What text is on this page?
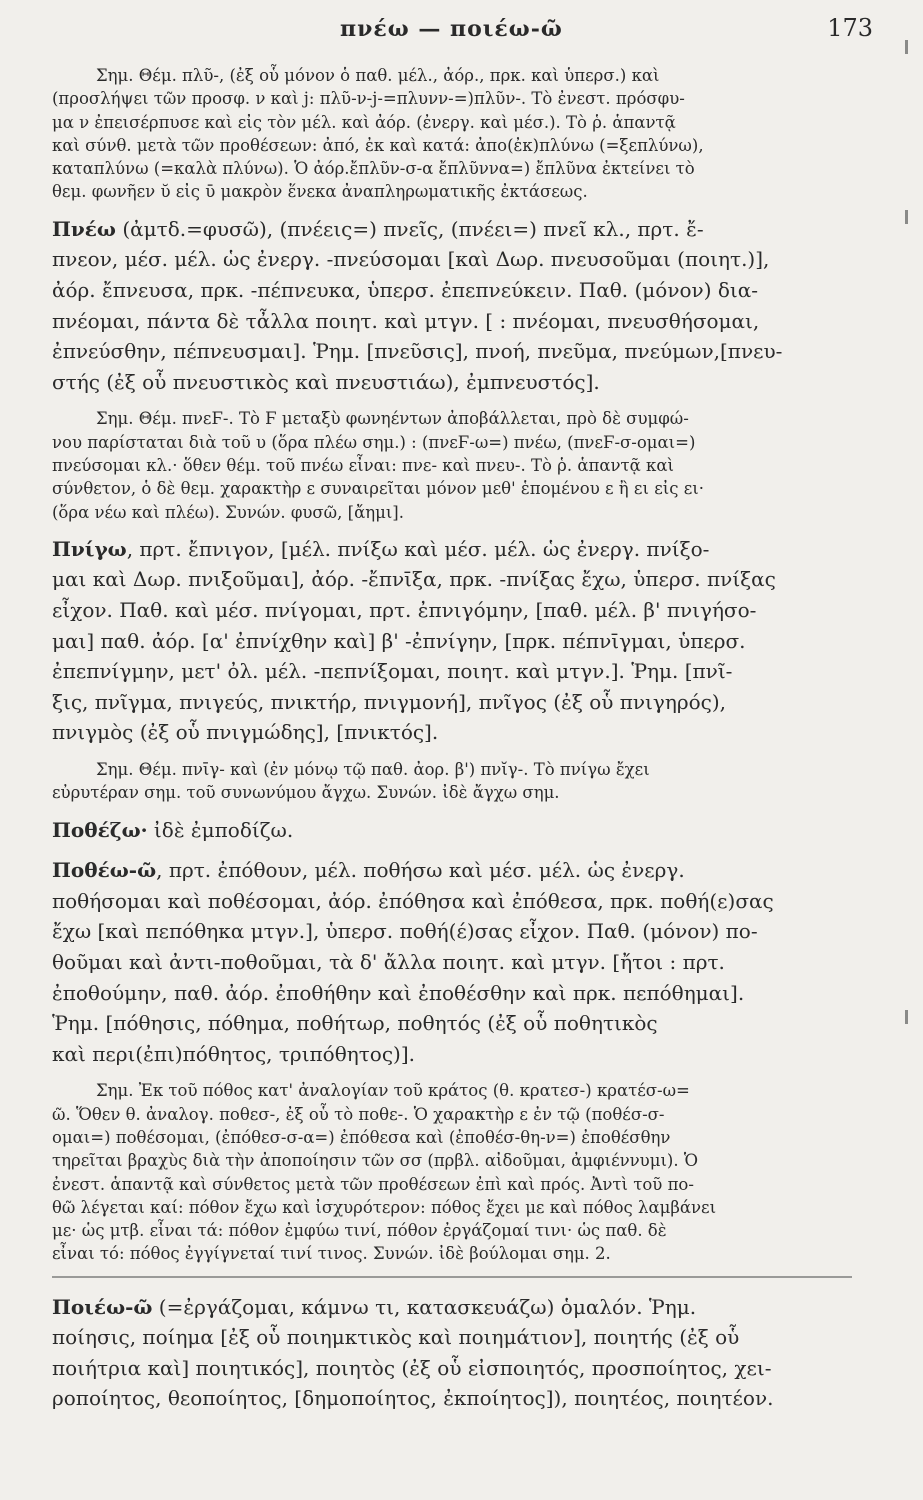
πνέω — ποιέω-ῶ	173
Σημ. Θέμ. πλῦ-, (ἐξ οὗ μόνον ὁ παθ. μέλ., ἀόρ., πρκ. καὶ ὑπερσ.) καὶ
(προσλήψει τῶν προσφ. ν καὶ j: πλῦ-ν-j-=πλυνν-=)πλῦν-. Τὸ ἐνεστ. πρόσφυ-
μα ν ἐπεισέρπυσε καὶ εἰς τὸν μέλ. καὶ ἀόρ. (ἐνεργ. καὶ μέσ.). Τὸ ῥ. ἁπαντᾷ
καὶ σύνθ. μετὰ τῶν προθέσεων: ἀπό, ἐκ καὶ κατά: ἀπο(ἐκ)πλύνω (=ξεπλύνω),
καταπλύνω (=καλὰ πλύνω). Ὁ ἀόρ.ἔπλῦν-σ-α ἔπλῦννα=) ἔπλῦνα ἐκτείνει τὸ
θεμ. φωνῆεν ῠ εἰς ῡ μακρὸν ἕνεκα ἀναπληρωματικῆς ἐκτάσεως.
Πνέω (ἀμτδ.=φυσῶ), (πνέεις=) πνεῖς, (πνέει=) πνεῖ κλ., πρτ. ἔ-
πνεον, μέσ. μέλ. ὡς ἐνεργ. -πνεύσομαι [καὶ Δωρ. πνευσοῦμαι (ποιητ.)],
ἀόρ. ἔπνευσα, πρκ. -πέπνευκα, ὑπερσ. ἐπεπνεύκειν. Παθ. (μόνον) δια-
πνέομαι, πάντα δὲ τἆλλα ποιητ. καὶ μτγν. [ : πνέομαι, πνευσθήσομαι,
ἐπνεύσθην, πέπνευσμαι]. Ῥημ. [πνεῦσις], πνοή, πνεῦμα, πνεύμων,[πνευ-
στής (ἐξ οὗ πνευστικὸς καὶ πνευστιάω), ἐμπνευστός].
Σημ. Θέμ. πνεϜ-. Τὸ Ϝ μεταξὺ φωνηέντων ἀποβάλλεται, πρὸ δὲ συμφώ-
νου παρίσταται διὰ τοῦ υ (ὅρα πλέω σημ.) : (πνεϜ-ω=) πνέω, (πνεϜ-σ-ομαι=)
πνεύσομαι κλ.· ὅθεν θέμ. τοῦ πνέω εἶναι: πνε- καὶ πνευ-. Τὸ ῥ. ἁπαντᾷ καὶ
σύνθετον, ὁ δὲ θεμ. χαρακτὴρ ε συναιρεῖται μόνον μεθ' ἑπομένου ε ἢ ει εἰς ει·
(ὅρα νέω καὶ πλέω). Συνών. φυσῶ, [ἄημι].
Πνίγω, πρτ. ἔπνιγον, [μέλ. πνίξω καὶ μέσ. μέλ. ὡς ἐνεργ. πνίξο-
μαι καὶ Δωρ. πνιξοῦμαι], ἀόρ. -ἔπνῑξα, πρκ. -πνίξας ἔχω, ὑπερσ. πνίξας
εἶχον. Παθ. καὶ μέσ. πνίγομαι, πρτ. ἐπνιγόμην, [παθ. μέλ. β' πνιγήσο-
μαι] παθ. ἀόρ. [α' ἐπνίχθην καὶ] β' -ἐπνίγην, [πρκ. πέπνῑγμαι, ὑπερσ.
ἐπεπνίγμην, μετ' ὀλ. μέλ. -πεπνίξομαι, ποιητ. καὶ μτγν.]. Ῥημ. [πνῖ-
ξις, πνῖγμα, πνιγεύς, πνικτήρ, πνιγμονή], πνῖγος (ἐξ οὗ πνιγηρός),
πνιγμὸς (ἐξ οὗ πνιγμώδης], [πνικτός].
Σημ. Θέμ. πνῑγ- καὶ (ἐν μόνῳ τῷ παθ. ἀορ. β') πνῐγ-. Τὸ πνίγω ἔχει
εὐρυτέραν σημ. τοῦ συνωνύμου ἄγχω. Συνών. ἰδὲ ἄγχω σημ.
Ποθέζω· ἰδὲ ἐμποδίζω.
Ποθέω-ῶ, πρτ. ἐπόθουν, μέλ. ποθήσω καὶ μέσ. μέλ. ὡς ἐνεργ.
ποθήσομαι καὶ ποθέσομαι, ἀόρ. ἐπόθησα καὶ ἐπόθεσα, πρκ. ποθή(ε)σας
ἔχω [καὶ πεπόθηκα μτγν.], ὑπερσ. ποθή(έ)σας εἶχον. Παθ. (μόνον) πο-
θοῦμαι καὶ ἀντι-ποθοῦμαι, τὰ δ' ἄλλα ποιητ. καὶ μτγν. [ἤτοι : πρτ.
ἐποθούμην, παθ. ἀόρ. ἐποθήθην καὶ ἐποθέσθην καὶ πρκ. πεπόθημαι].
Ῥημ. [πόθησις, πόθημα, ποθήτωρ, ποθητός (ἐξ οὗ ποθητικὸς
καὶ περι(ἐπι)πόθητος, τριπόθητος)].
Σημ. Ἐκ τοῦ πόθος κατ' ἀναλογίαν τοῦ κράτος (θ. κρατεσ-) κρατέσ-ω=
ῶ. Ὅθεν θ. ἀναλογ. ποθεσ-, ἐξ οὗ τὸ ποθε-. Ὁ χαρακτὴρ ε ἐν τῷ (ποθέσ-σ-
ομαι=) ποθέσομαι, (ἐπόθεσ-σ-α=) ἐπόθεσα καὶ (ἐποθέσ-θη-ν=) ἐποθέσθην
τηρεῖται βραχὺς διὰ τὴν ἀποποίησιν τῶν σσ (πρβλ. αἰδοῦμαι, ἀμφιέννυμι). Ὁ
ἐνεστ. ἁπαντᾷ καὶ σύνθετος μετὰ τῶν προθέσεων ἐπὶ καὶ πρός. Ἀντὶ τοῦ πο-
θῶ λέγεται καί: πόθον ἔχω καὶ ἰσχυρότερον: πόθος ἔχει με καὶ πόθος λαμβάνει
με· ὡς μτβ. εἶναι τά: πόθον ἐμφύω τινί, πόθον ἐργάζομαί τινι· ὡς παθ. δὲ
εἶναι τό: πόθος ἐγγίγνεταί τινί τινος. Συνών. ἰδὲ βούλομαι σημ. 2.
Ποιέω-ῶ (=ἐργάζομαι, κάμνω τι, κατασκευάζω) ὁμαλόν. Ῥημ.
ποίησις, ποίημα [ἐξ οὗ ποιημκτικὸς καὶ ποιημάτιον], ποιητής (ἐξ οὗ
ποιήτρια καὶ] ποιητικός], ποιητὸς (ἐξ οὗ εἰσποιητός, προσποίητος, χει-
ροποίητος, θεοποίητος, [δημοποίητος, ἐκποίητος]), ποιητέος, ποιητέον.
